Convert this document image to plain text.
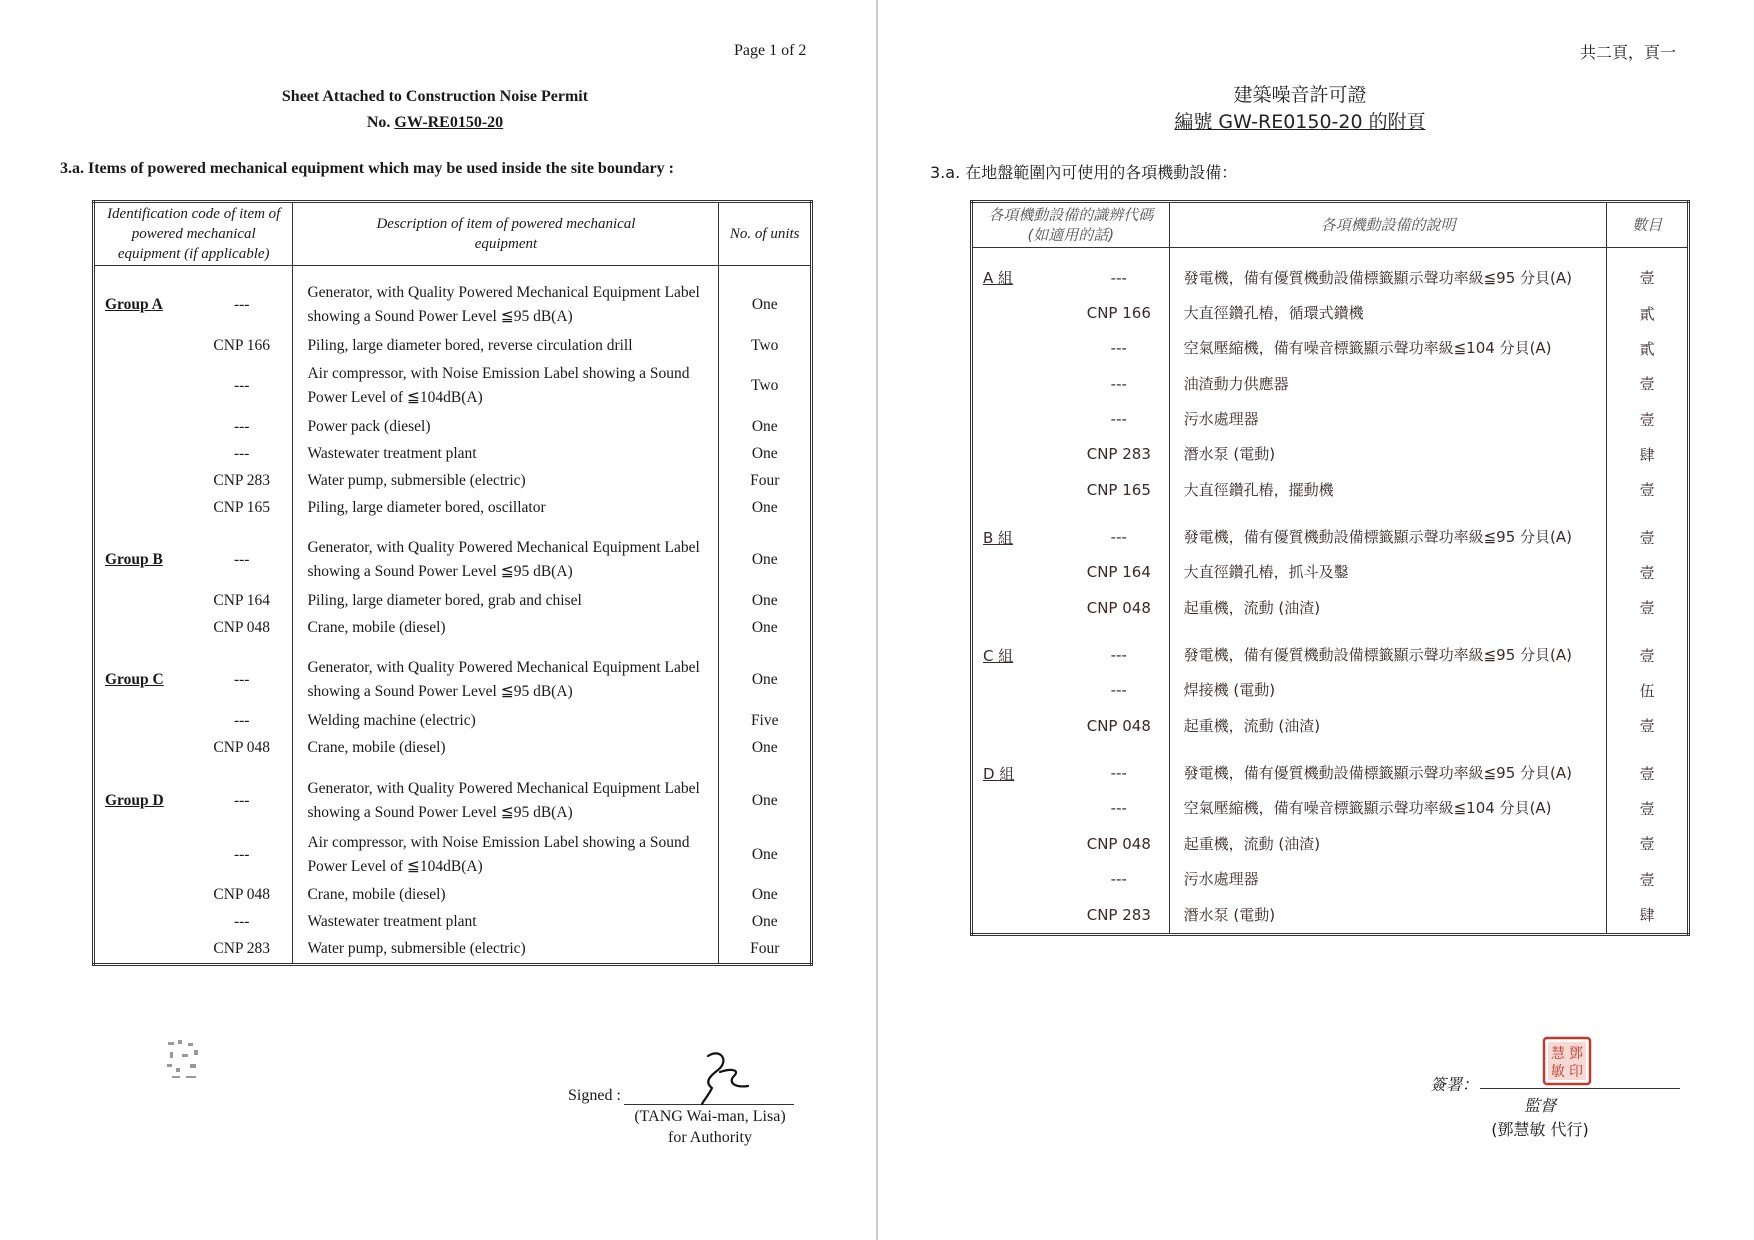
Page 1 of 2
Sheet Attached to Construction Noise Permit
No. GW-RE0150-20
3.a. Items of powered mechanical equipment which may be used inside the site boundary :
Identification code of item of powered mechanical equipment (if applicable)	Description of item of powered mechanical equipment	No. of units

Group A ---	Generator, with Quality Powered Mechanical Equipment Label showing a Sound Power Level ≦95 dB(A)	One

CNP 166	Piling, large diameter bored, reverse circulation drill	Two

---	Air compressor, with Noise Emission Label showing a Sound Power Level of ≦104dB(A)	Two

---	Power pack (diesel)	One

---	Wastewater treatment plant	One

CNP 283	Water pump, submersible (electric)	Four

CNP 165	Piling, large diameter bored, oscillator	One

Group B ---	Generator, with Quality Powered Mechanical Equipment Label showing a Sound Power Level ≦95 dB(A)	One

CNP 164	Piling, large diameter bored, grab and chisel	One

CNP 048	Crane, mobile (diesel)	One

Group C ---	Generator, with Quality Powered Mechanical Equipment Label showing a Sound Power Level ≦95 dB(A)	One

---	Welding machine (electric)	Five

CNP 048	Crane, mobile (diesel)	One

Group D ---	Generator, with Quality Powered Mechanical Equipment Label showing a Sound Power Level ≦95 dB(A)	One

---	Air compressor, with Noise Emission Label showing a Sound Power Level of ≦104dB(A)	One

CNP 048	Crane, mobile (diesel)	One

---	Wastewater treatment plant	One

CNP 283	Water pump, submersible (electric)	Four

Signed :
(TANG Wai-man, Lisa)
for Authority
共二頁，頁一
建築噪音許可證
編號 GW-RE0150-20 的附頁
3.a. 在地盤範圍內可使用的各項機動設備：
各項機動設備的識辨代碼 (如適用的話)	各項機動設備的說明	數目

A 組 ---	發電機，備有優質機動設備標籤顯示聲功率級≦95 分貝(A)	壹

CNP 166	大直徑鑽孔樁，循環式鑽機	貳

---	空氣壓縮機，備有噪音標籤顯示聲功率級≦104 分貝(A)	貳

---	油渣動力供應器	壹

---	污水處理器	壹

CNP 283	潛水泵 (電動)	肆

CNP 165	大直徑鑽孔樁，擺動機	壹

B 組 ---	發電機，備有優質機動設備標籤顯示聲功率級≦95 分貝(A)	壹

CNP 164	大直徑鑽孔樁，抓斗及鑿	壹

CNP 048	起重機，流動 (油渣)	壹

C 組 ---	發電機，備有優質機動設備標籤顯示聲功率級≦95 分貝(A)	壹

---	焊接機 (電動)	伍

CNP 048	起重機，流動 (油渣)	壹

D 組 ---	發電機，備有優質機動設備標籤顯示聲功率級≦95 分貝(A)	壹

---	空氣壓縮機，備有噪音標籤顯示聲功率級≦104 分貝(A)	壹

CNP 048	起重機，流動 (油渣)	壹

---	污水處理器	壹

CNP 283	潛水泵 (電動)	肆

鄧
慧
敏 印
簽署：
監督
(鄧慧敏 代行)
